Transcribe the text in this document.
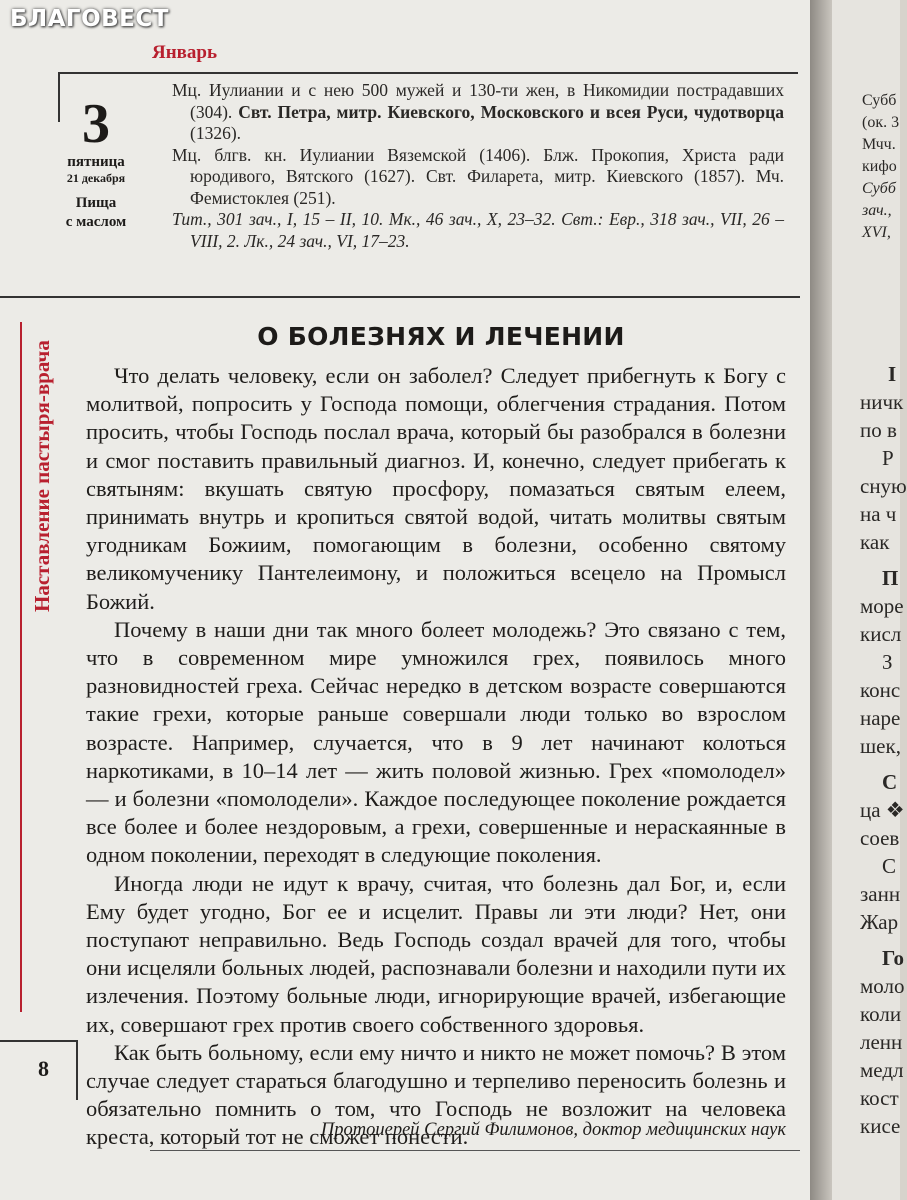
БЛАГОВЕСТ
Январь
3
пятница
21 декабря
Пища
с маслом

Мц. Иулиании и с нею 500 мужей и 130-ти жен, в Никомидии пострадавших (304). Свт. Петра, митр. Киевского, Московского и всея Руси, чудотворца (1326).

Мц. блгв. кн. Иулиании Вяземской (1406). Блж. Прокопия, Христа ради юродивого, Вятского (1627). Свт. Филарета, митр. Киевского (1857). Мч. Фемистоклея (251).

Тит., 301 зач., I, 15 – II, 10. Мк., 46 зач., X, 23–32. Свт.: Евр., 318 зач., VII, 26 – VIII, 2. Лк., 24 зач., VI, 17–23.

Наставление пастыря-врача
О БОЛЕЗНЯХ И ЛЕЧЕНИИ

Что делать человеку, если он заболел? Следует прибегнуть к Богу с молитвой, попросить у Господа помощи, облегчения страдания. Потом просить, чтобы Господь послал врача, который бы разобрался в болезни и смог поставить правильный диагноз. И, конечно, следует прибегать к святыням: вкушать святую просфору, помазаться святым елеем, принимать внутрь и кропиться святой водой, читать молитвы святым угодникам Божиим, помогающим в болезни, особенно святому великомученику Пантелеимону, и положиться всецело на Промысл Божий.

Почему в наши дни так много болеет молодежь? Это связано с тем, что в современном мире умножился грех, появилось много разновидностей греха. Сейчас нередко в детском возрасте совершаются такие грехи, которые раньше совершали люди только во взрослом возрасте. Например, случается, что в 9 лет начинают колоться наркотиками, в 10–14 лет — жить половой жизнью. Грех «помолодел» — и болезни «помолодели». Каждое последующее поколение рождается все более и более нездоровым, а грехи, совершенные и нераскаянные в одном поколении, переходят в следующие поколения.

Иногда люди не идут к врачу, считая, что болезнь дал Бог, и, если Ему будет угодно, Бог ее и исцелит. Правы ли эти люди? Нет, они поступают неправильно. Ведь Господь создал врачей для того, чтобы они исцеляли больных людей, распознавали болезни и находили пути их излечения. Поэтому больные люди, игнорирующие врачей, избегающие их, совершают грех против своего собственного здоровья.

Как быть больному, если ему ничто и никто не может помочь? В этом случае следует стараться благодушно и терпеливо переносить болезнь и обязательно помнить о том, что Господь не возложит на человека креста, который тот не сможет понести.

Протоиерей Сергий Филимонов, доктор медицинских наук
8
Субб
(ок. 3
Мчч.
кифо
Субб
зач.,
XVI,
I
ничк
по в
Р
сную
на ч
как
П
море
кисл
З
конс
наре
шек,
С
ца ❖
соев
С
занн
Жар
Го
моло
коли
ленн
медл
кост
кисе
